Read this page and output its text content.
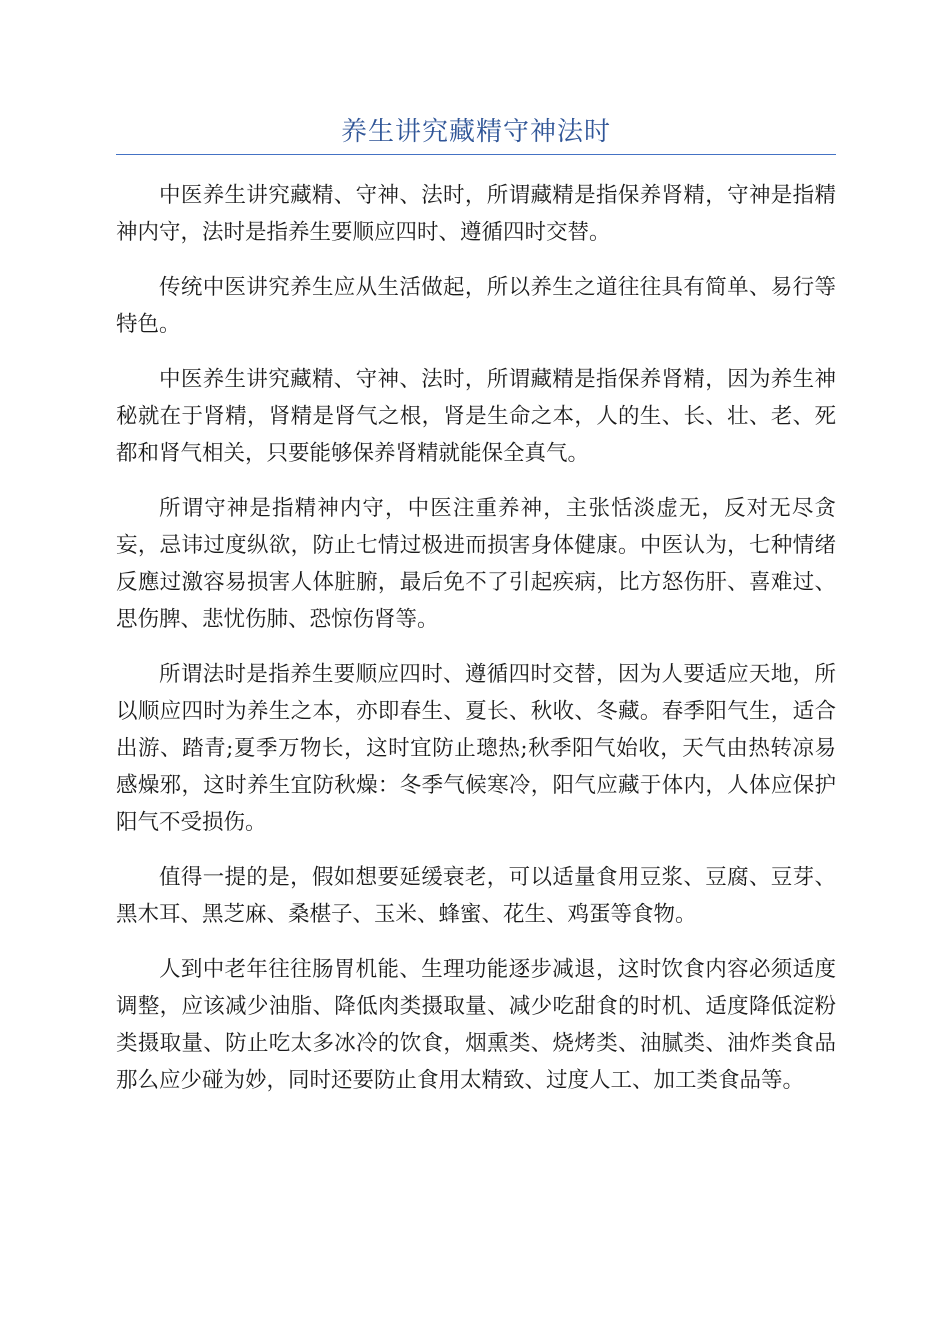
养生讲究藏精守神法时

中医养生讲究藏精、守神、法时，所谓藏精是指保养肾精，守神是指精神内守，法时是指养生要顺应四时、遵循四时交替。

传统中医讲究养生应从生活做起，所以养生之道往往具有简单、易行等特色。

中医养生讲究藏精、守神、法时，所谓藏精是指保养肾精，因为养生神秘就在于肾精，肾精是肾气之根，肾是生命之本，人的生、长、壮、老、死都和肾气相关，只要能够保养肾精就能保全真气。

所谓守神是指精神内守，中医注重养神，主张恬淡虚无，反对无尽贪妄，忌讳过度纵欲，防止七情过极进而损害身体健康。中医认为，七种情绪反應过激容易损害人体脏腑，最后免不了引起疾病，比方怒伤肝、喜难过、思伤脾、悲忧伤肺、恐惊伤肾等。

所谓法时是指养生要顺应四时、遵循四时交替，因为人要适应天地，所以顺应四时为养生之本，亦即春生、夏长、秋收、冬藏。春季阳气生，适合出游、踏青;夏季万物长，这时宜防止璁热;秋季阳气始收，天气由热转凉易感燥邪，这时养生宜防秋燥：冬季气候寒冷，阳气应藏于体内，人体应保护阳气不受损伤。

值得一提的是，假如想要延缓衰老，可以适量食用豆浆、豆腐、豆芽、黑木耳、黑芝麻、桑椹子、玉米、蜂蜜、花生、鸡蛋等食物。

人到中老年往往肠胃机能、生理功能逐步减退，这时饮食内容必须适度调整，应该减少油脂、降低肉类摄取量、减少吃甜食的时机、适度降低淀粉类摄取量、防止吃太多冰冷的饮食，烟熏类、烧烤类、油腻类、油炸类食品那么应少碰为妙，同时还要防止食用太精致、过度人工、加工类食品等。
